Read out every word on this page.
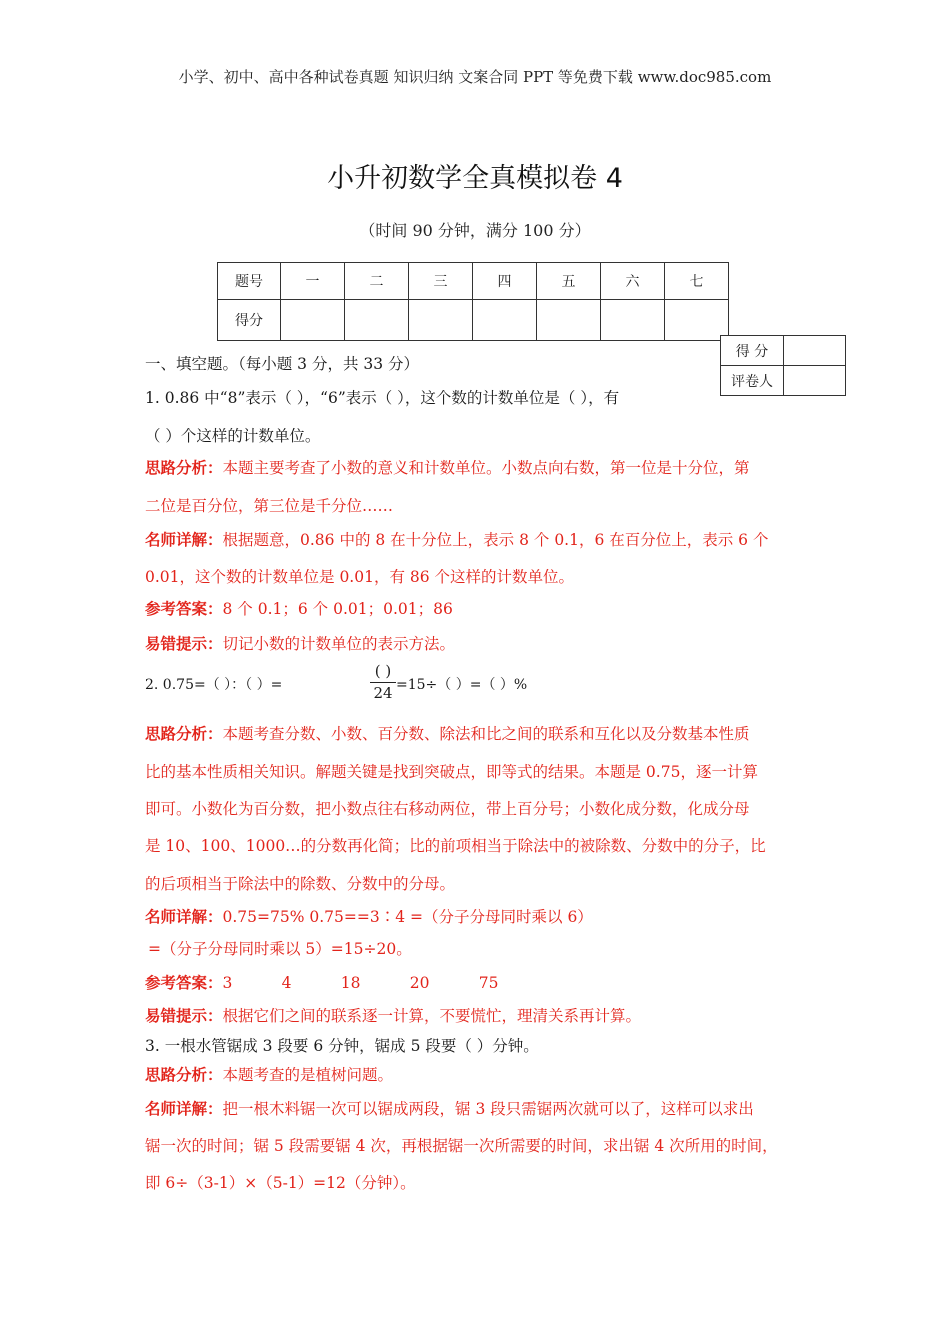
小学、初中、高中各种试卷真题 知识归纳 文案合同 PPT 等免费下载 www.doc985.com
小升初数学全真模拟卷 4
（时间 90 分钟，满分 100 分）
题号	一	二	三	四	五	六	七
得分							
一、填空题。（每小题 3 分，共 33 分）
1. 0.86 中“8”表示（ ），“6”表示（ ），这个数的计数单位是（ ），有
（ ）个这样的计数单位。
得 分	
评卷人	
思路分析：本题主要考查了小数的意义和计数单位。小数点向右数，第一位是十分位，第
二位是百分位，第三位是千分位……
名师详解：根据题意，0.86 中的 8 在十分位上，表示 8 个 0.1，6 在百分位上，表示 6 个
0.01，这个数的计数单位是 0.01，有 86 个这样的计数单位。
参考答案：8 个 0.1；6 个 0.01；0.01；86
易错提示：切记小数的计数单位的表示方法。
2. 0.75=（ ）：（ ）=
( )
24 =15÷（ ）=（ ）%
思路分析：本题考查分数、小数、百分数、除法和比之间的联系和互化以及分数基本性质
比的基本性质相关知识。解题关键是找到突破点，即等式的结果。本题是 0.75，逐一计算
即可。小数化为百分数，把小数点往右移动两位，带上百分号；小数化成分数，化成分母
是 10、100、1000…的分数再化简；比的前项相当于除法中的被除数、分数中的分子，比
的后项相当于除法中的除数、分数中的分母。
名师详解：0.75=75% 0.75==3∶4 =（分子分母同时乘以 6）
=（分子分母同时乘以 5）=15÷20。
参考答案：3          4          18          20          75
易错提示：根据它们之间的联系逐一计算，不要慌忙，理清关系再计算。
3. 一根水管锯成 3 段要 6 分钟，锯成 5 段要（ ）分钟。
思路分析：本题考查的是植树问题。
名师详解：把一根木料锯一次可以锯成两段，锯 3 段只需锯两次就可以了，这样可以求出
锯一次的时间；锯 5 段需要锯 4 次，再根据锯一次所需要的时间，求出锯 4 次所用的时间，
即 6÷（3-1）×（5-1）=12（分钟）。
